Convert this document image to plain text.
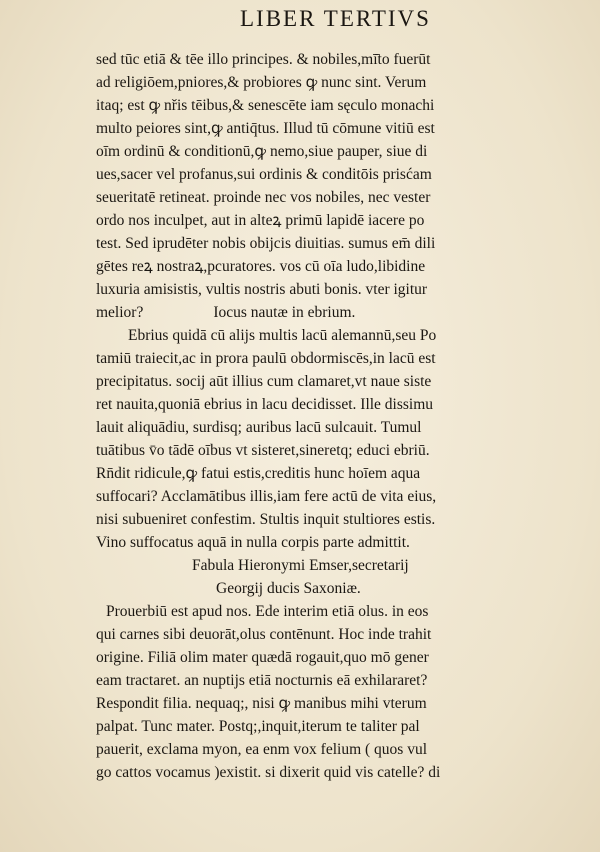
LIBER TERTIVS
sed tūc etiā & tēe illo principes. & nobiles,mī̄to fuerūt
ad religiōem,pniores,& probiores ꝙ nunc sint. Verum
itaq; est ꝙ nřis tēibus,& senescēte iam sęculo monachi
multo peiores sint,ꝙ antiq̄tus. Illud tū cōmune vitiū est
oīm ordinū & conditionū,ꝙ nemo,siue pauper, siue di
ues,sacer vel profanus,sui ordinis & conditōis prisćam
seueritatē retineat. proinde nec vos nobiles, nec vester
ordo nos inculpet, aut in alteꝝ primū lapidē iacere po
test. Sed iprudēter nobis obijcis diuitias. sumus em̄ dili
gētes reꝝ nostraꝝ,pcuratores. vos cū oīa ludo,libidine
luxuria amisistis, vultis nostris abuti bonis. vter igitur
melior?	Iocus nautæ in ebrium.
Ebrius quidā cū alijs multis lacū alemannū,seu Po
tamiū traiecit,ac in prora paulū obdormiscēs,in lacū est
precipitatus. socij aūt illius cum clamaret,vt naue siste
ret nauita,quoniā ebrius in lacu decidisset. Ille dissimu
lauit aliquādiu, surdisq; auribus lacū sulcauit. Tumul
tuātibus v̄o tādē oībus vt sisteret,sineretq; educi ebriū.
Rn̄dit ridicule,ꝙ fatui estis,creditis hunc hoīem aqua
suffocari? Acclamātibus illis,iam fere actū de vita eius,
nisi subueniret confestim. Stultis inquit stultiores estis.
Vino suffocatus aquā in nulla corpis parte admittit.
Fabula Hieronymi Emser,secretarij
Georgij ducis Saxoniæ.
Prouerbiū est apud nos. Ede interim etiā olus. in eos
qui carnes sibi deuorāt,olus contēnunt. Hoc inde trahit
origine. Filiā olim mater quædā rogauit,quo mō gener
eam tractaret. an nuptijs etiā nocturnis eā exhilararet?
Respondit filia. nequaq;, nisi ꝙ manibus mihi vterum
palpat. Tunc mater. Postq;,inquit,iterum te taliter pal
pauerit, exclama myon, ea enm vox felium ( quos vul
go cattos vocamus )existit. si dixerit quid vis catelle? di
